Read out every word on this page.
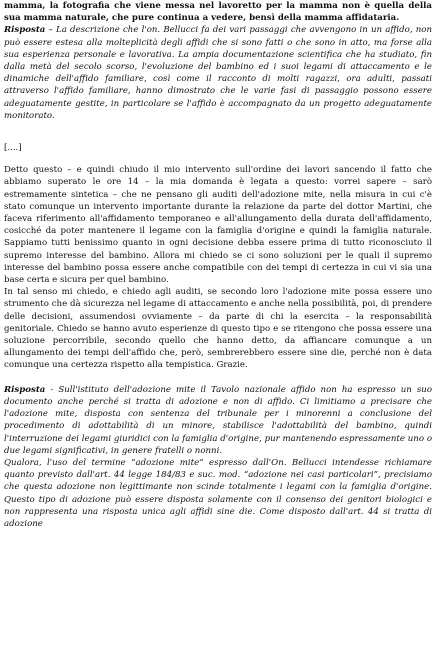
mamma, la fotografia che viene messa nel lavoretto per la mamma non è quella della sua mamma naturale, che pure continua a vedere, bensì della mamma affidataria.

Risposta – La descrizione che l'on. Bellucci fa dei vari passaggi che avvengono in un affido, non può essere estesa alla molteplicità degli affidi che si sono fatti o che sono in atto, ma forse alla sua esperienza personale e lavorativa. La ampia documentazione scientifica che ha studiato, fin dalla metà del secolo scorso, l'evoluzione del bambino ed i suoi legami di attaccamento e le dinamiche dell'affido familiare, così come il racconto di molti ragazzi, ora adulti, passati attraverso l'affido familiare, hanno dimostrato che le varie fasi di passaggio possono essere adeguatamente gestite, in particolare se l'affido è accompagnato da un progetto adeguatamente monitorato.

[....]

Detto questo – e quindi chiudo il mio intervento sull'ordine dei lavori sancendo il fatto che abbiamo superato le ore 14 – la mia domanda è legata a questo: vorrei sapere – sarò estremamente sintetica – che ne pensano gli auditi dell'adozione mite, nella misura in cui c'è stato comunque un intervento importante durante la relazione da parte del dottor Martini, che faceva riferimento all'affidamento temporaneo e all'allungamento della durata dell'affidamento, cosicché da poter mantenere il legame con la famiglia d'origine e quindi la famiglia naturale. Sappiamo tutti benissimo quanto in ogni decisione debba essere prima di tutto riconosciuto il supremo interesse del bambino. Allora mi chiedo se ci sono soluzioni per le quali il supremo interesse del bambino possa essere anche compatibile con dei tempi di certezza in cui vi sia una base certa e sicura per quel bambino.

In tal senso mi chiedo, e chiedo agli auditi, se secondo loro l'adozione mite possa essere uno strumento che dà sicurezza nel legame di attaccamento e anche nella possibilità, poi, di prendere delle decisioni, assumendosi ovviamente – da parte di chi la esercita – la responsabilità genitoriale. Chiedo se hanno avuto esperienze di questo tipo e se ritengono che possa essere una soluzione percorribile, secondo quello che hanno detto, da affiancare comunque a un allungamento dei tempi dell'affido che, però, sembrerebbero essere sine die, perché non è data comunque una certezza rispetto alla tempistica. Grazie.

Risposta - Sull'istituto dell'adozione mite il Tavolo nazionale affido non ha espresso un suo documento anche perché si tratta di adozione e non di affido. Ci limitiamo a precisare che l'adozione mite, disposta con sentenza del tribunale per i minorenni a conclusione del procedimento di adottabilità di un minore, stabilisce l'adottabilità del bambino, quindi l'interruzione dei legami giuridici con la famiglia d'origine, pur mantenendo espressamente uno o due legami significativi, in genere fratelli o nonni.

Qualora, l'uso del termine “adozione mite” espresso dall'On. Bellucci intendesse richiamare quanto previsto dall'art. 44 legge 184/83 e suc. mod. “adozione nei casi particolari”, precisiamo che questa adozione non legittimante non scinde totalmente i legami con la famiglia d'origine. Questo tipo di adozione può essere disposta solamente con il consenso dei genitori biologici e non rappresenta una risposta unica agli affidi sine die. Come disposto dall'art. 44 si tratta di adozione
